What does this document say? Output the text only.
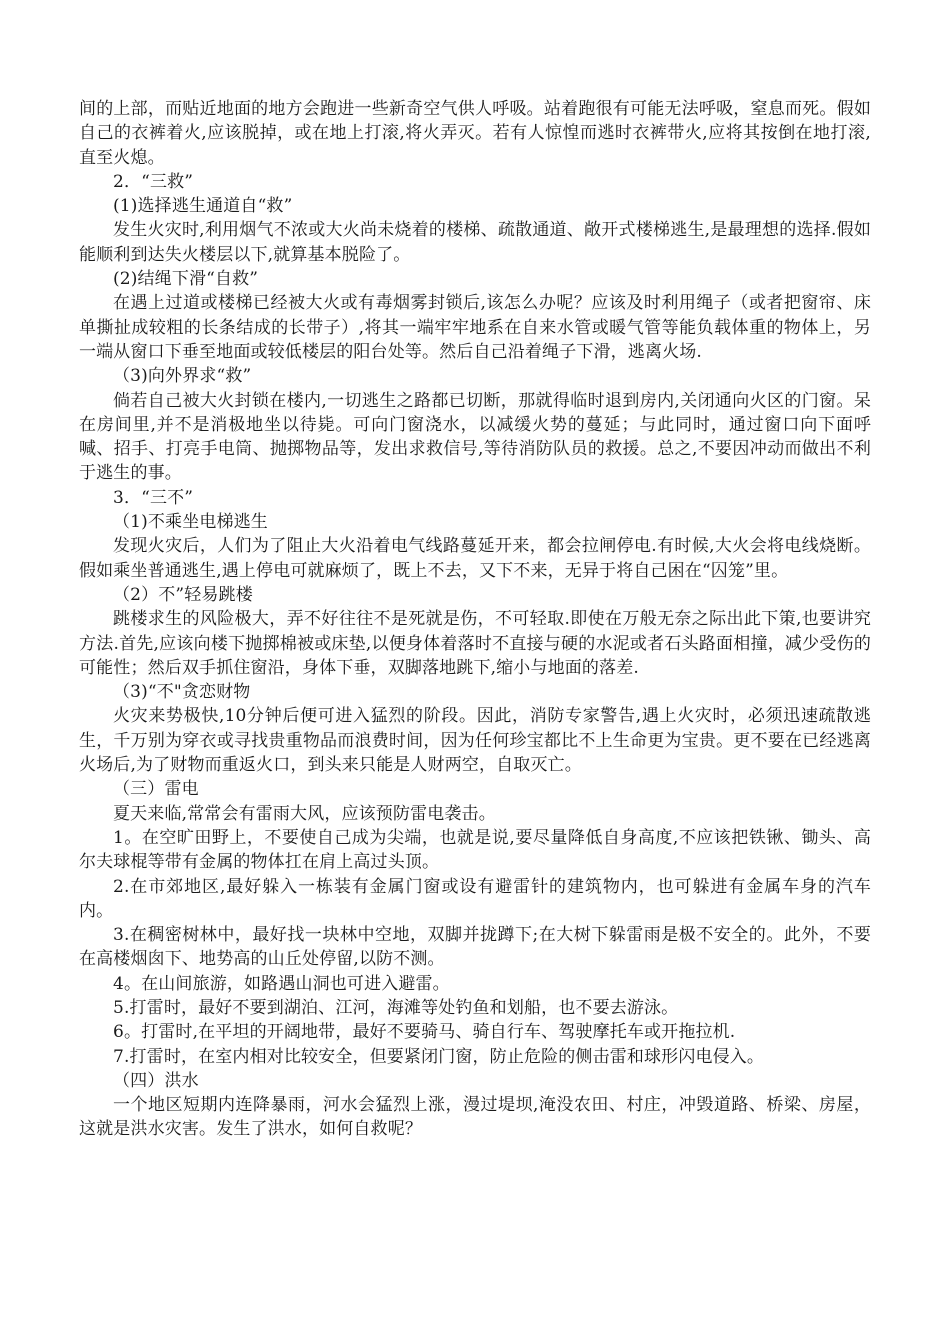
间的上部，而贴近地面的地方会跑进一些新奇空气供人呼吸。站着跑很有可能无法呼吸，窒息而死。假如自己的衣裤着火,应该脱掉，或在地上打滚,将火弄灭。若有人惊惶而逃时衣裤带火,应将其按倒在地打滚,直至火熄。

2．“三救”

(1)选择逃生通道自“救”

发生火灾时,利用烟气不浓或大火尚未烧着的楼梯、疏散通道、敞开式楼梯逃生,是最理想的选择.假如能顺利到达失火楼层以下,就算基本脱险了。

(2)结绳下滑“自救”

在遇上过道或楼梯已经被大火或有毒烟雾封锁后,该怎么办呢？应该及时利用绳子（或者把窗帘、床单撕扯成较粗的长条结成的长带子）,将其一端牢牢地系在自来水管或暖气管等能负载体重的物体上，另一端从窗口下垂至地面或较低楼层的阳台处等。然后自己沿着绳子下滑，逃离火场.

（3)向外界求“救”

倘若自己被大火封锁在楼内,一切逃生之路都已切断，那就得临时退到房内,关闭通向火区的门窗。呆在房间里,并不是消极地坐以待毙。可向门窗浇水，以减缓火势的蔓延；与此同时，通过窗口向下面呼喊、招手、打亮手电筒、抛掷物品等，发出求救信号,等待消防队员的救援。总之,不要因冲动而做出不利于逃生的事。

3．“三不”

（1)不乘坐电梯逃生

发现火灾后，人们为了阻止大火沿着电气线路蔓延开来，都会拉闸停电.有时候,大火会将电线烧断。假如乘坐普通逃生,遇上停电可就麻烦了，既上不去，又下不来，无异于将自己困在“囚笼”里。

（2）不”轻易跳楼

跳楼求生的风险极大，弄不好往往不是死就是伤，不可轻取.即使在万般无奈之际出此下策,也要讲究方法.首先,应该向楼下抛掷棉被或床垫,以便身体着落时不直接与硬的水泥或者石头路面相撞，减少受伤的可能性；然后双手抓住窗沿，身体下垂，双脚落地跳下,缩小与地面的落差.

（3)“不"贪恋财物

火灾来势极快,10分钟后便可进入猛烈的阶段。因此，消防专家警告,遇上火灾时，必须迅速疏散逃生，千万别为穿衣或寻找贵重物品而浪费时间，因为任何珍宝都比不上生命更为宝贵。更不要在已经逃离火场后,为了财物而重返火口，到头来只能是人财两空，自取灭亡。

（三）雷电

夏天来临,常常会有雷雨大风，应该预防雷电袭击。

1。在空旷田野上，不要使自己成为尖端，也就是说,要尽量降低自身高度,不应该把铁锹、锄头、高尔夫球棍等带有金属的物体扛在肩上高过头顶。

2.在市郊地区,最好躲入一栋装有金属门窗或设有避雷针的建筑物内，也可躲进有金属车身的汽车内。

3.在稠密树林中，最好找一块林中空地，双脚并拢蹲下;在大树下躲雷雨是极不安全的。此外，不要在高楼烟囱下、地势高的山丘处停留,以防不测。

4。在山间旅游，如路遇山洞也可进入避雷。

5.打雷时，最好不要到湖泊、江河，海滩等处钓鱼和划船，也不要去游泳。

6。打雷时,在平坦的开阔地带，最好不要骑马、骑自行车、驾驶摩托车或开拖拉机.

7.打雷时，在室内相对比较安全，但要紧闭门窗，防止危险的侧击雷和球形闪电侵入。

（四）洪水

一个地区短期内连降暴雨，河水会猛烈上涨，漫过堤坝,淹没农田、村庄，冲毁道路、桥梁、房屋，这就是洪水灾害。发生了洪水，如何自救呢？
